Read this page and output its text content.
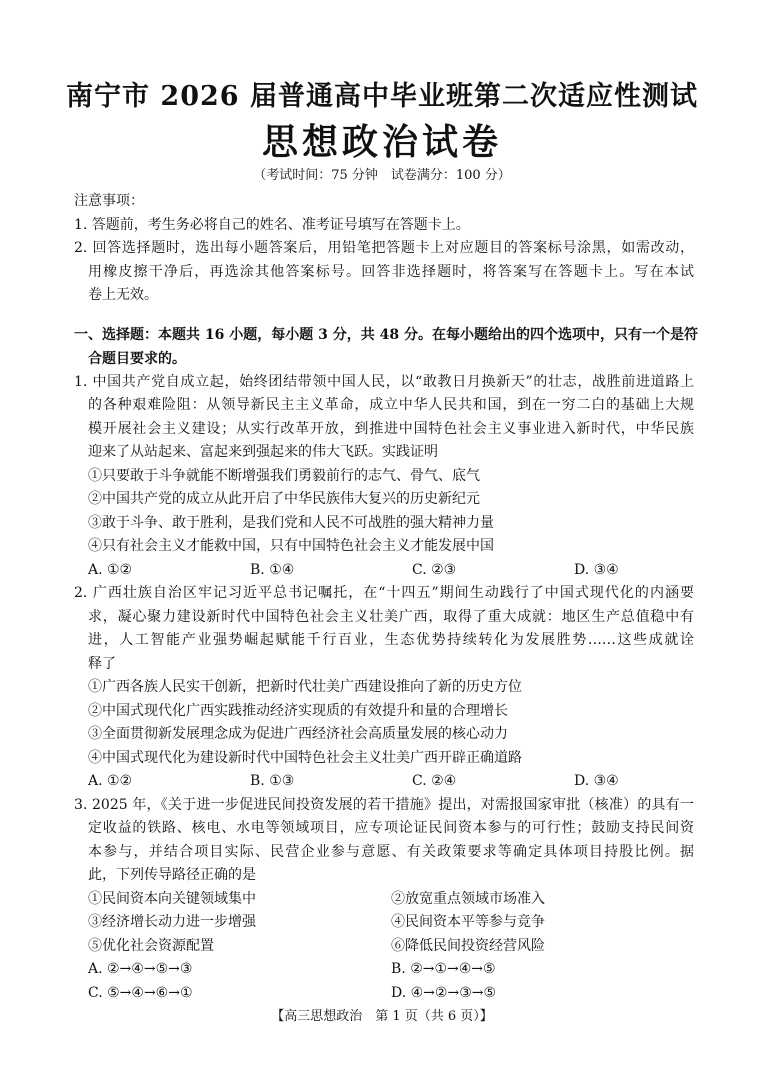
南宁市 2026 届普通高中毕业班第二次适应性测试
思想政治试卷
（考试时间：75 分钟　试卷满分：100 分）
注意事项：
1. 答题前，考生务必将自己的姓名、准考证号填写在答题卡上。
2. 回答选择题时，选出每小题答案后，用铅笔把答题卡上对应题目的答案标号涂黑，如需改动，
用橡皮擦干净后，再选涂其他答案标号。回答非选择题时，将答案写在答题卡上。写在本试
卷上无效。
一、选择题：本题共 16 小题，每小题 3 分，共 48 分。在每小题给出的四个选项中，只有一个是符
合题目要求的。
1. 中国共产党自成立起，始终团结带领中国人民，以“敢教日月换新天”的壮志，战胜前进道路上
的各种艰难险阻：从领导新民主主义革命，成立中华人民共和国，到在一穷二白的基础上大规
模开展社会主义建设；从实行改革开放，到推进中国特色社会主义事业进入新时代，中华民族
迎来了从站起来、富起来到强起来的伟大飞跃。实践证明
①只要敢于斗争就能不断增强我们勇毅前行的志气、骨气、底气
②中国共产党的成立从此开启了中华民族伟大复兴的历史新纪元
③敢于斗争、敢于胜利，是我们党和人民不可战胜的强大精神力量
④只有社会主义才能救中国，只有中国特色社会主义才能发展中国
A. ①②	B. ①④	C. ②③	D. ③④
2. 广西壮族自治区牢记习近平总书记嘱托，在“十四五”期间生动践行了中国式现代化的内涵要
求，凝心聚力建设新时代中国特色社会主义壮美广西，取得了重大成就：地区生产总值稳中有
进，人工智能产业强势崛起赋能千行百业，生态优势持续转化为发展胜势……这些成就诠
释了
①广西各族人民实干创新，把新时代壮美广西建设推向了新的历史方位
②中国式现代化广西实践推动经济实现质的有效提升和量的合理增长
③全面贯彻新发展理念成为促进广西经济社会高质量发展的核心动力
④中国式现代化为建设新时代中国特色社会主义壮美广西开辟正确道路
A. ①②	B. ①③	C. ②④	D. ③④
3. 2025 年，《关于进一步促进民间投资发展的若干措施》提出，对需报国家审批（核准）的具有一
定收益的铁路、核电、水电等领域项目，应专项论证民间资本参与的可行性；鼓励支持民间资
本参与，并结合项目实际、民营企业参与意愿、有关政策要求等确定具体项目持股比例。据
此，下列传导路径正确的是
①民间资本向关键领域集中	②放宽重点领域市场准入
③经济增长动力进一步增强	④民间资本平等参与竞争
⑤优化社会资源配置	⑥降低民间投资经营风险
A. ②→④→⑤→③	B. ②→①→④→⑤
C. ⑤→④→⑥→①	D. ④→②→③→⑤
【高三思想政治　第 1 页（共 6 页）】
